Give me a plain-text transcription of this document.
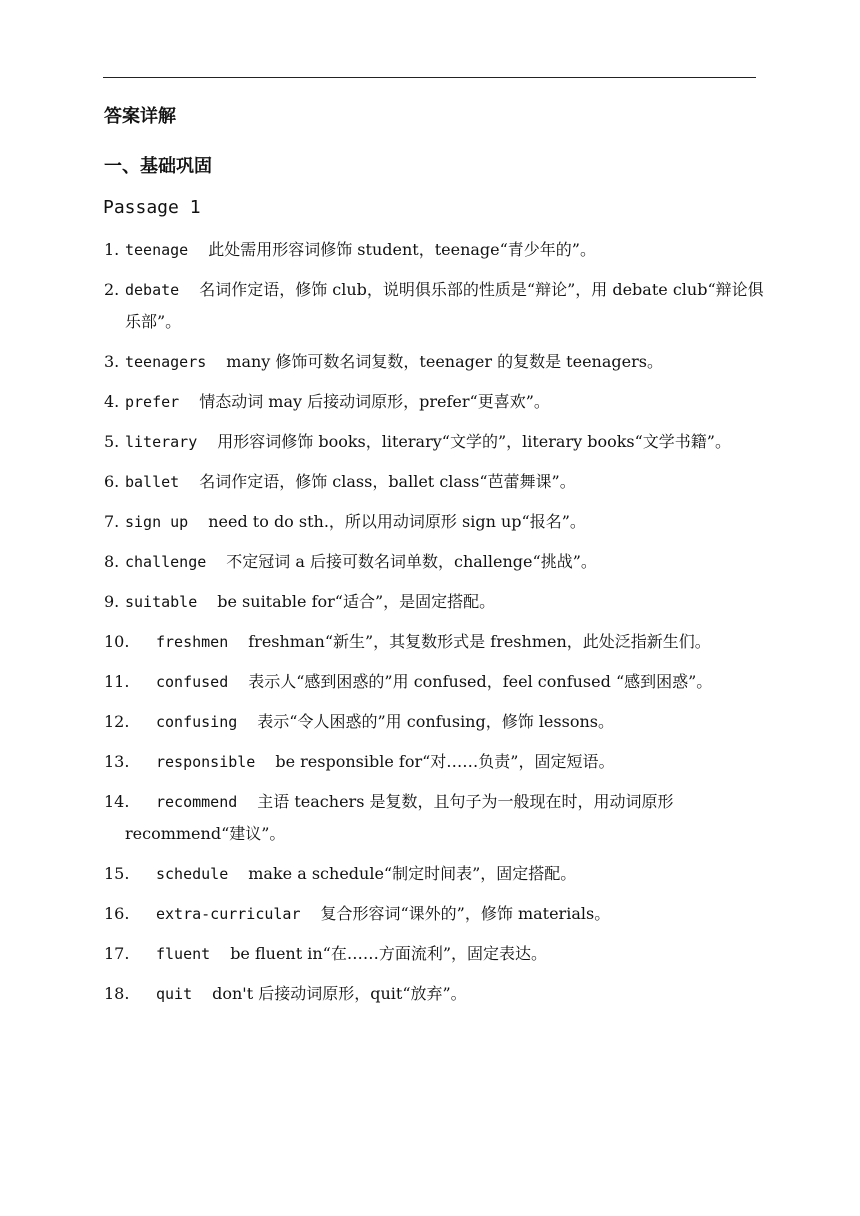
答案详解
一、基础巩固
Passage 1
1. teenage 此处需用形容词修饰 student，teenage“青少年的”。
2. debate 名词作定语，修饰 club，说明俱乐部的性质是“辩论”，用 debate club“辩论俱乐部”。
3. teenagers many 修饰可数名词复数，teenager 的复数是 teenagers。
4. prefer 情态动词 may 后接动词原形，prefer“更喜欢”。
5. literary 用形容词修饰 books，literary“文学的”，literary books“文学书籍”。
6. ballet 名词作定语，修饰 class，ballet class“芭蕾舞课”。
7. sign up need to do sth.，所以用动词原形 sign up“报名”。
8. challenge 不定冠词 a 后接可数名词单数，challenge“挑战”。
9. suitable be suitable for“适合”，是固定搭配。
10. freshmen freshman“新生”，其复数形式是 freshmen，此处泛指新生们。
11. confused 表示人“感到困惑的”用 confused，feel confused “感到困惑”。
12. confusing 表示“令人困惑的”用 confusing，修饰 lessons。
13. responsible be responsible for“对……负责”，固定短语。
14. recommend 主语 teachers 是复数，且句子为一般现在时，用动词原形 recommend“建议”。
15. schedule make a schedule“制定时间表”，固定搭配。
16. extra-curricular 复合形容词“课外的”，修饰 materials。
17. fluent be fluent in“在……方面流利”，固定表达。
18. quit don't 后接动词原形，quit“放弃”。
